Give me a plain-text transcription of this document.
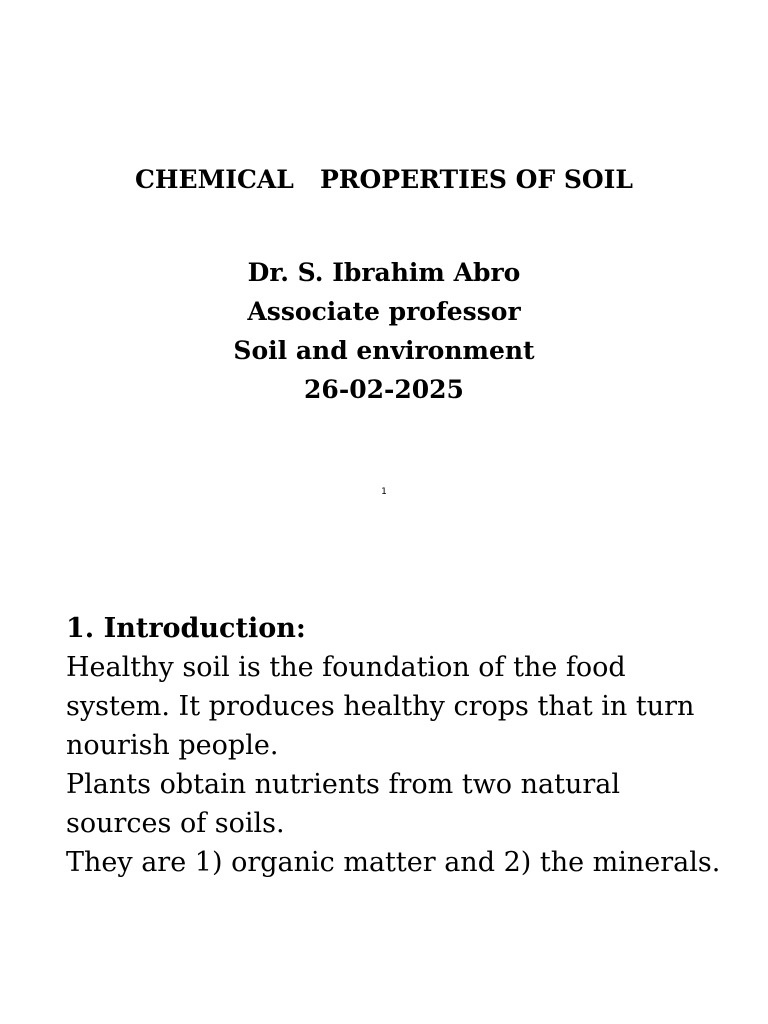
CHEMICAL   PROPERTIES OF SOIL
Dr. S. Ibrahim Abro
Associate professor
Soil and environment
26-02-2025
1

1. Introduction:

Healthy soil is the foundation of the food system. It produces healthy crops that in turn nourish people.

Plants obtain nutrients from two natural sources of soils.

They are 1) organic matter and 2) the minerals.
